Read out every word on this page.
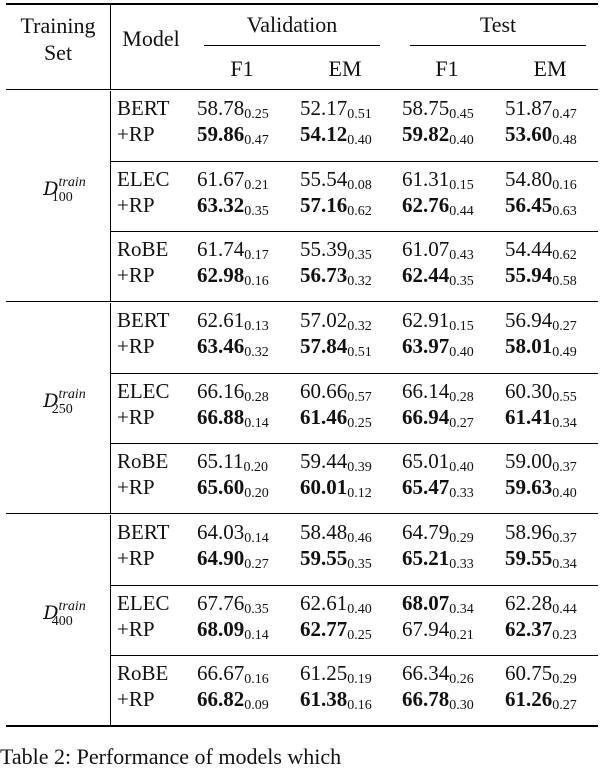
Training
Set
Model
Validation	Test
F1	EM	F1	EM
$D^{train}_{100}$
BERT $58.78_{0.25}$ $52.17_{0.51}$ $58.75_{0.45}$ $51.87_{0.47}$
+RP $59.86_{0.47}$ $54.12_{0.40}$ $59.82_{0.40}$ $53.60_{0.48}$
ELEC $61.67_{0.21}$ $55.54_{0.08}$ $61.31_{0.15}$ $54.80_{0.16}$
+RP $63.32_{0.35}$ $57.16_{0.62}$ $62.76_{0.44}$ $56.45_{0.63}$
RoBE $61.74_{0.17}$ $55.39_{0.35}$ $61.07_{0.43}$ $54.44_{0.62}$
+RP $62.98_{0.16}$ $56.73_{0.32}$ $62.44_{0.35}$ $55.94_{0.58}$
$D^{train}_{250}$
BERT $62.61_{0.13}$ $57.02_{0.32}$ $62.91_{0.15}$ $56.94_{0.27}$
+RP $63.46_{0.32}$ $57.84_{0.51}$ $63.97_{0.40}$ $58.01_{0.49}$
ELEC $66.16_{0.28}$ $60.66_{0.57}$ $66.14_{0.28}$ $60.30_{0.55}$
+RP $66.88_{0.14}$ $61.46_{0.25}$ $66.94_{0.27}$ $61.41_{0.34}$
RoBE $65.11_{0.20}$ $59.44_{0.39}$ $65.01_{0.40}$ $59.00_{0.37}$
+RP $65.60_{0.20}$ $60.01_{0.12}$ $65.47_{0.33}$ $59.63_{0.40}$
$D^{train}_{400}$
BERT $64.03_{0.14}$ $58.48_{0.46}$ $64.79_{0.29}$ $58.96_{0.37}$
+RP $64.90_{0.27}$ $59.55_{0.35}$ $65.21_{0.33}$ $59.55_{0.34}$
ELEC $67.76_{0.35}$ $62.61_{0.40}$ $68.07_{0.34}$ $62.28_{0.44}$
+RP $68.09_{0.14}$ $62.77_{0.25}$ $67.94_{0.21}$ $62.37_{0.23}$
RoBE $66.67_{0.16}$ $61.25_{0.19}$ $66.34_{0.26}$ $60.75_{0.29}$
+RP $66.82_{0.09}$ $61.38_{0.16}$ $66.78_{0.30}$ $61.26_{0.27}$
Table 2: Performance of models which
